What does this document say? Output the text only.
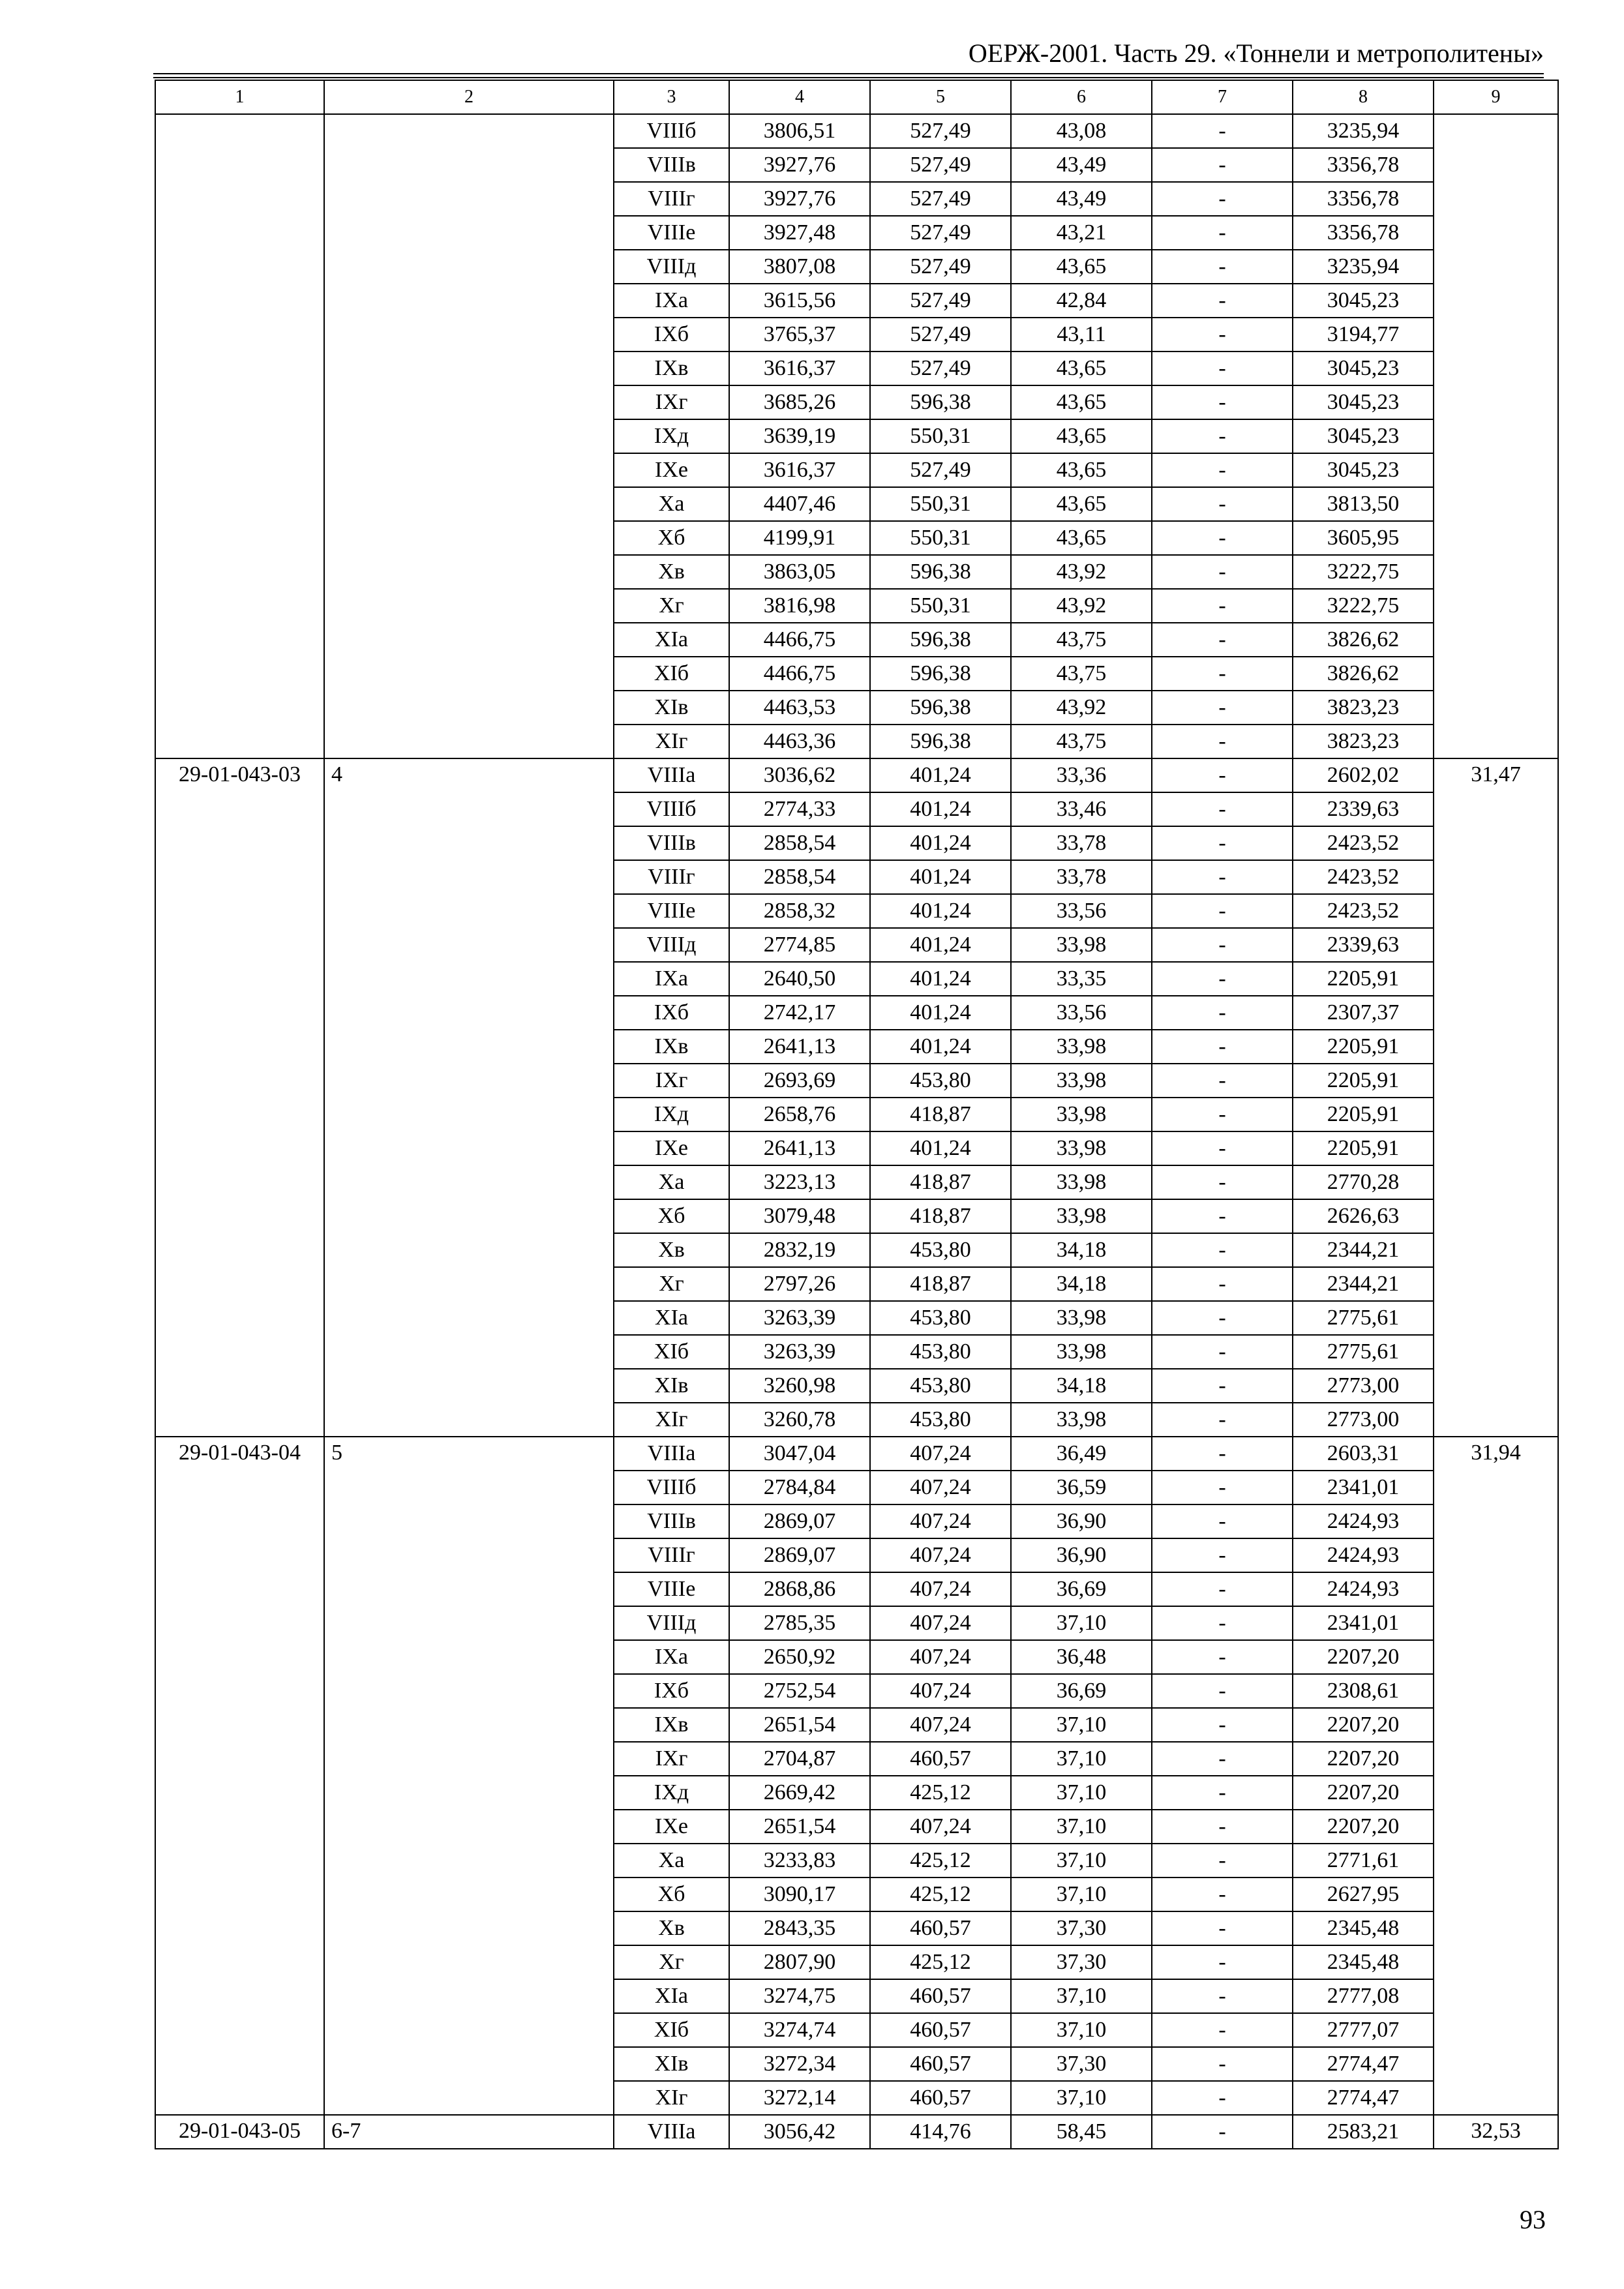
ОЕРЖ-2001. Часть 29. «Тоннели и метрополитены»
1	2	3	4	5	6	7	8	9
		VIIIб	3806,51	527,49	43,08	-	3235,94	
		VIIIв	3927,76	527,49	43,49	-	3356,78	
		VIIIг	3927,76	527,49	43,49	-	3356,78	
		VIIIе	3927,48	527,49	43,21	-	3356,78	
		VIIIд	3807,08	527,49	43,65	-	3235,94	
		IXа	3615,56	527,49	42,84	-	3045,23	
		IXб	3765,37	527,49	43,11	-	3194,77	
		IXв	3616,37	527,49	43,65	-	3045,23	
		IXг	3685,26	596,38	43,65	-	3045,23	
		IXд	3639,19	550,31	43,65	-	3045,23	
		IXе	3616,37	527,49	43,65	-	3045,23	
		Xа	4407,46	550,31	43,65	-	3813,50	
		Xб	4199,91	550,31	43,65	-	3605,95	
		Xв	3863,05	596,38	43,92	-	3222,75	
		Xг	3816,98	550,31	43,92	-	3222,75	
		XIа	4466,75	596,38	43,75	-	3826,62	
		XIб	4466,75	596,38	43,75	-	3826,62	
		XIв	4463,53	596,38	43,92	-	3823,23	
		XIг	4463,36	596,38	43,75	-	3823,23	
29-01-043-03	4	VIIIа	3036,62	401,24	33,36	-	2602,02	31,47
		VIIIб	2774,33	401,24	33,46	-	2339,63	
		VIIIв	2858,54	401,24	33,78	-	2423,52	
		VIIIг	2858,54	401,24	33,78	-	2423,52	
		VIIIе	2858,32	401,24	33,56	-	2423,52	
		VIIIд	2774,85	401,24	33,98	-	2339,63	
		IXа	2640,50	401,24	33,35	-	2205,91	
		IXб	2742,17	401,24	33,56	-	2307,37	
		IXв	2641,13	401,24	33,98	-	2205,91	
		IXг	2693,69	453,80	33,98	-	2205,91	
		IXд	2658,76	418,87	33,98	-	2205,91	
		IXе	2641,13	401,24	33,98	-	2205,91	
		Xа	3223,13	418,87	33,98	-	2770,28	
		Xб	3079,48	418,87	33,98	-	2626,63	
		Xв	2832,19	453,80	34,18	-	2344,21	
		Xг	2797,26	418,87	34,18	-	2344,21	
		XIа	3263,39	453,80	33,98	-	2775,61	
		XIб	3263,39	453,80	33,98	-	2775,61	
		XIв	3260,98	453,80	34,18	-	2773,00	
		XIг	3260,78	453,80	33,98	-	2773,00	
29-01-043-04	5	VIIIа	3047,04	407,24	36,49	-	2603,31	31,94
		VIIIб	2784,84	407,24	36,59	-	2341,01	
		VIIIв	2869,07	407,24	36,90	-	2424,93	
		VIIIг	2869,07	407,24	36,90	-	2424,93	
		VIIIе	2868,86	407,24	36,69	-	2424,93	
		VIIIд	2785,35	407,24	37,10	-	2341,01	
		IXа	2650,92	407,24	36,48	-	2207,20	
		IXб	2752,54	407,24	36,69	-	2308,61	
		IXв	2651,54	407,24	37,10	-	2207,20	
		IXг	2704,87	460,57	37,10	-	2207,20	
		IXд	2669,42	425,12	37,10	-	2207,20	
		IXе	2651,54	407,24	37,10	-	2207,20	
		Xа	3233,83	425,12	37,10	-	2771,61	
		Xб	3090,17	425,12	37,10	-	2627,95	
		Xв	2843,35	460,57	37,30	-	2345,48	
		Xг	2807,90	425,12	37,30	-	2345,48	
		XIа	3274,75	460,57	37,10	-	2777,08	
		XIб	3274,74	460,57	37,10	-	2777,07	
		XIв	3272,34	460,57	37,30	-	2774,47	
		XIг	3272,14	460,57	37,10	-	2774,47	
29-01-043-05	6-7	VIIIа	3056,42	414,76	58,45	-	2583,21	32,53
93
